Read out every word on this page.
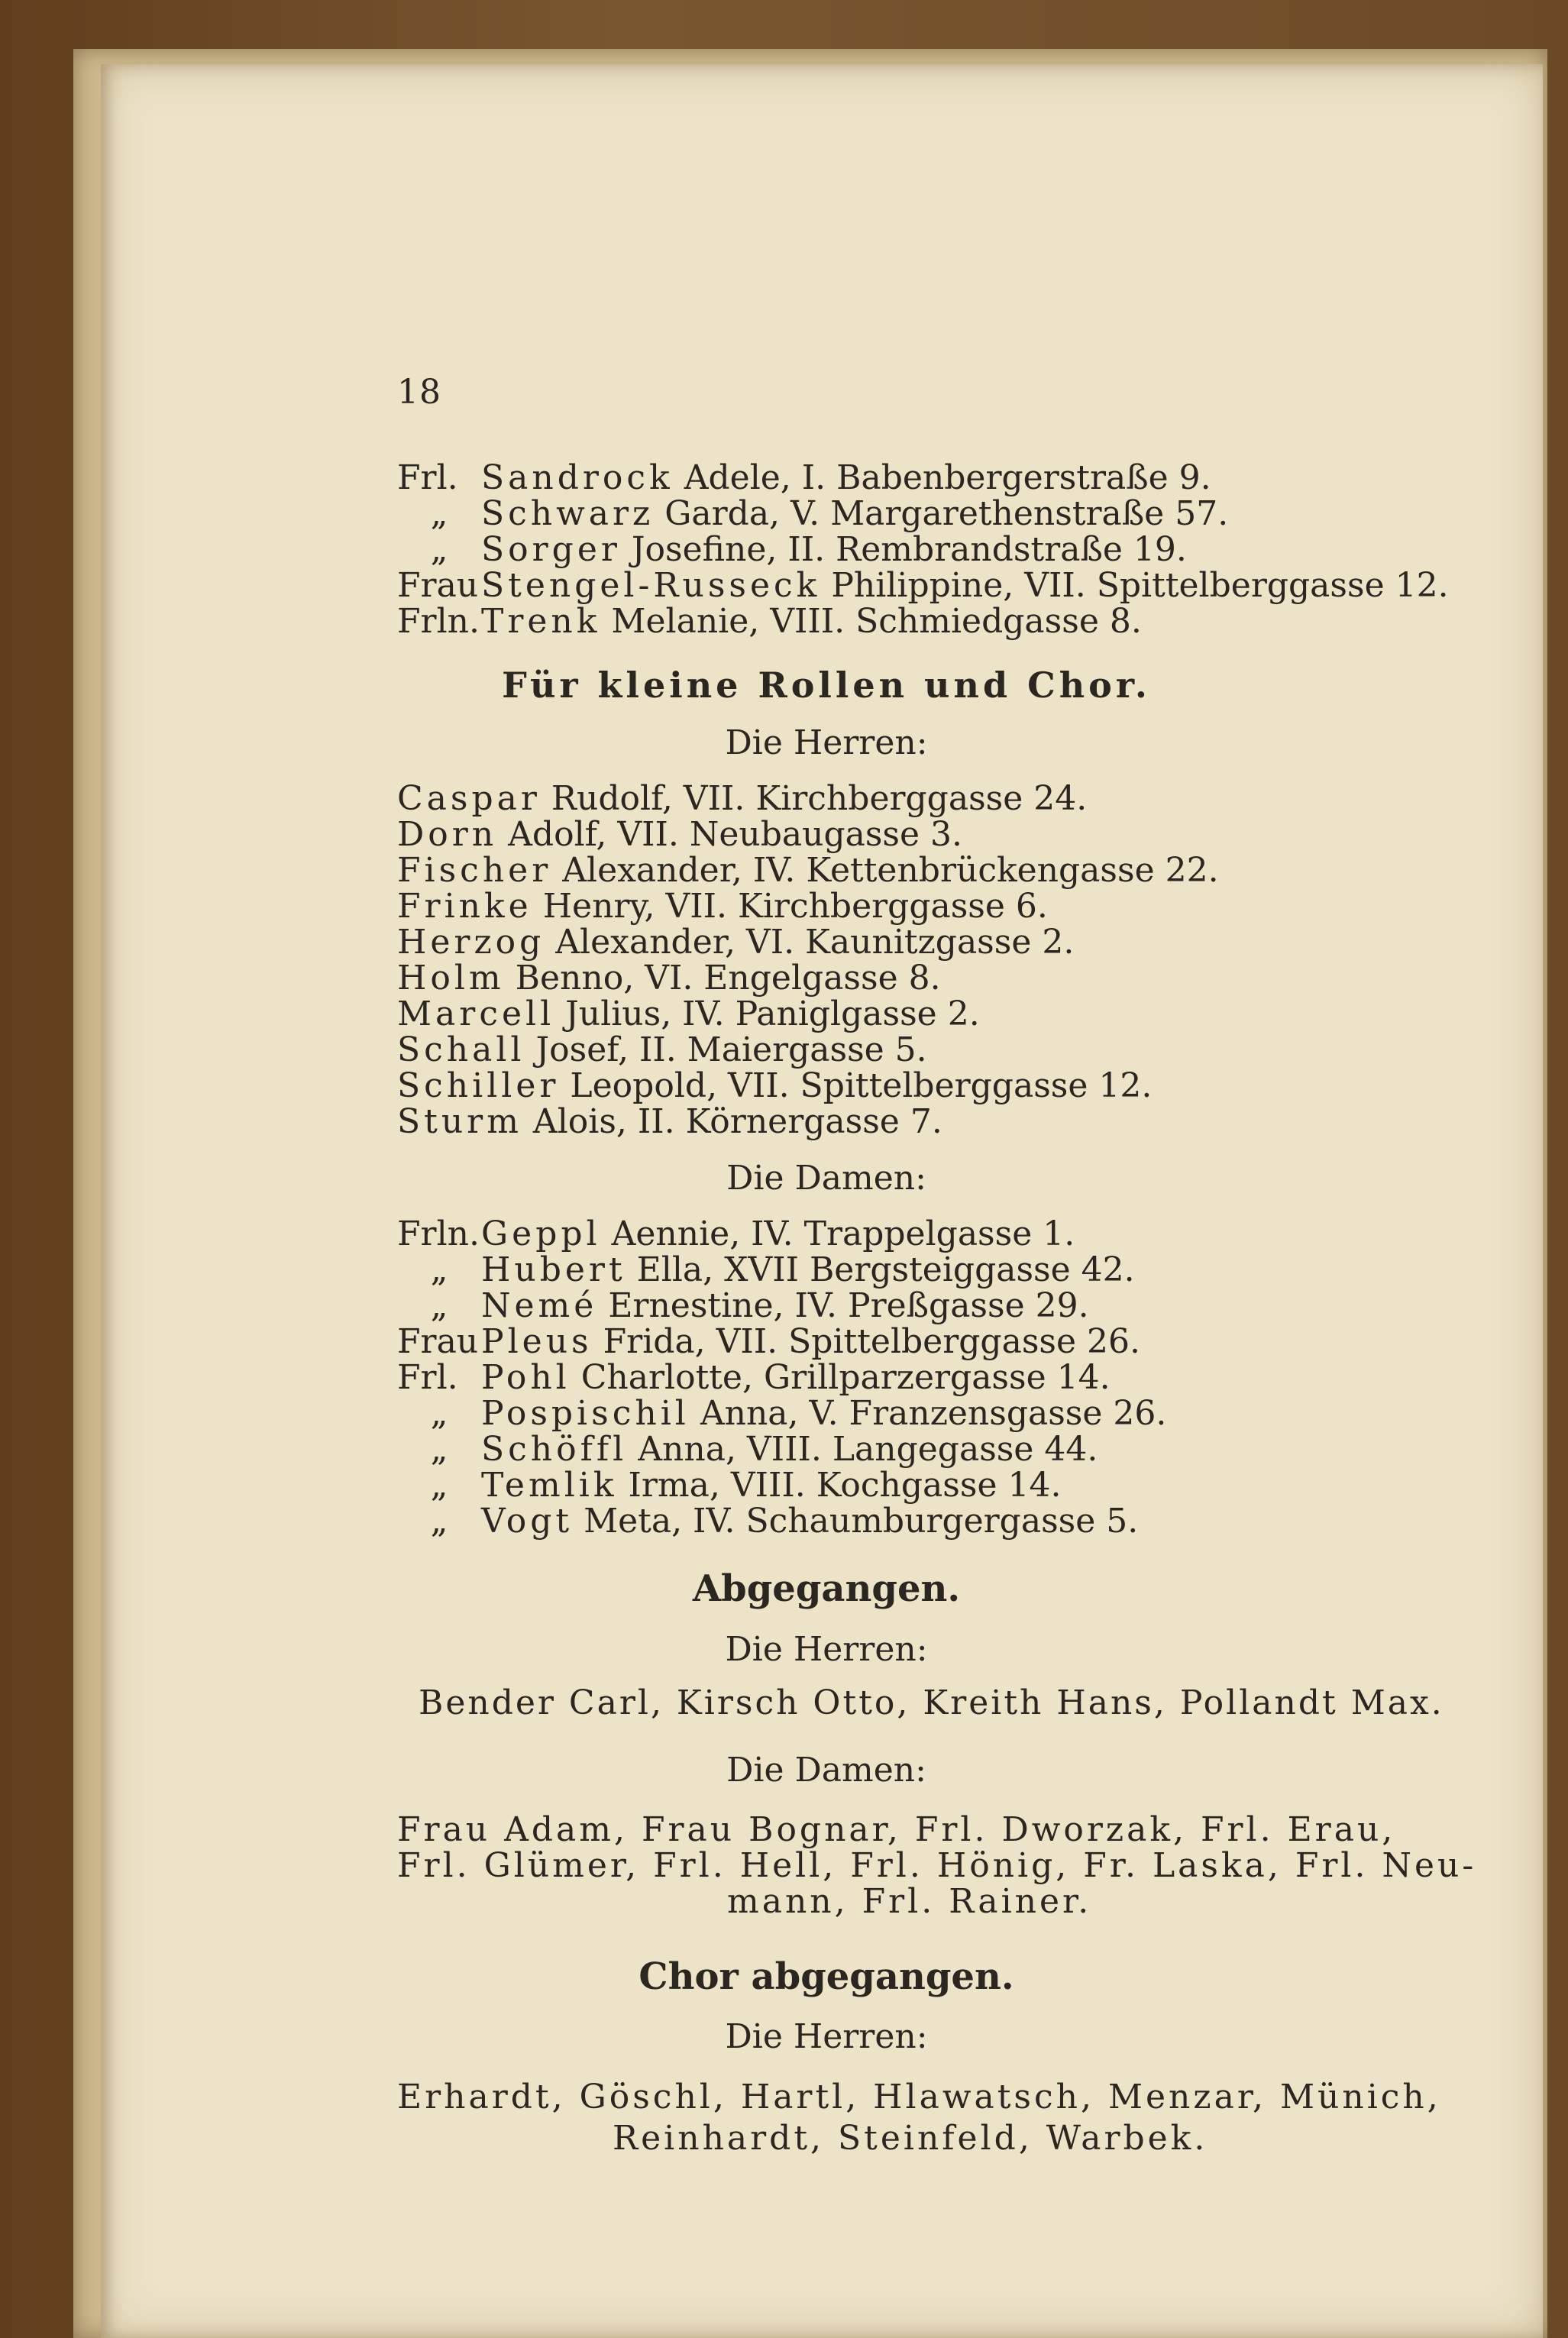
18
Frl. Sandrock Adele, I. Babenbergerstraße 9.
„ Schwarz Garda, V. Margarethenstraße 57.
„ Sorger Josefine, II. Rembrandstraße 19.
FrauStengel-Russeck Philippine, VII. Spittelberggasse 12.
Frln.Trenk Melanie, VIII. Schmiedgasse 8.
Für kleine Rollen und Chor.
Die Herren:
Caspar Rudolf, VII. Kirchberggasse 24.
Dorn Adolf, VII. Neubaugasse 3.
Fischer Alexander, IV. Kettenbrückengasse 22.
Frinke Henry, VII. Kirchberggasse 6.
Herzog Alexander, VI. Kaunitzgasse 2.
Holm Benno, VI. Engelgasse 8.
Marcell Julius, IV. Paniglgasse 2.
Schall Josef, II. Maiergasse 5.
Schiller Leopold, VII. Spittelberggasse 12.
Sturm Alois, II. Körnergasse 7.
Die Damen:
Frln.Geppl Aennie, IV. Trappelgasse 1.
„ Hubert Ella, XVII Bergsteiggasse 42.
„ Nemé Ernestine, IV. Preßgasse 29.
FrauPleus Frida, VII. Spittelberggasse 26.
Frl. Pohl Charlotte, Grillparzergasse 14.
„ Pospischil Anna, V. Franzensgasse 26.
„ Schöffl Anna, VIII. Langegasse 44.
„ Temlik Irma, VIII. Kochgasse 14.
„ Vogt Meta, IV. Schaumburgergasse 5.
Abgegangen.
Die Herren:
Bender Carl, Kirsch Otto, Kreith Hans, Pollandt Max.
Die Damen:
Frau Adam, Frau Bognar, Frl. Dworzak, Frl. Erau,
Frl. Glümer, Frl. Hell, Frl. Hönig, Fr. Laska, Frl. Neu-
mann, Frl. Rainer.
Chor abgegangen.
Die Herren:
Erhardt, Göschl, Hartl, Hlawatsch, Menzar, Münich,
Reinhardt, Steinfeld, Warbek.
